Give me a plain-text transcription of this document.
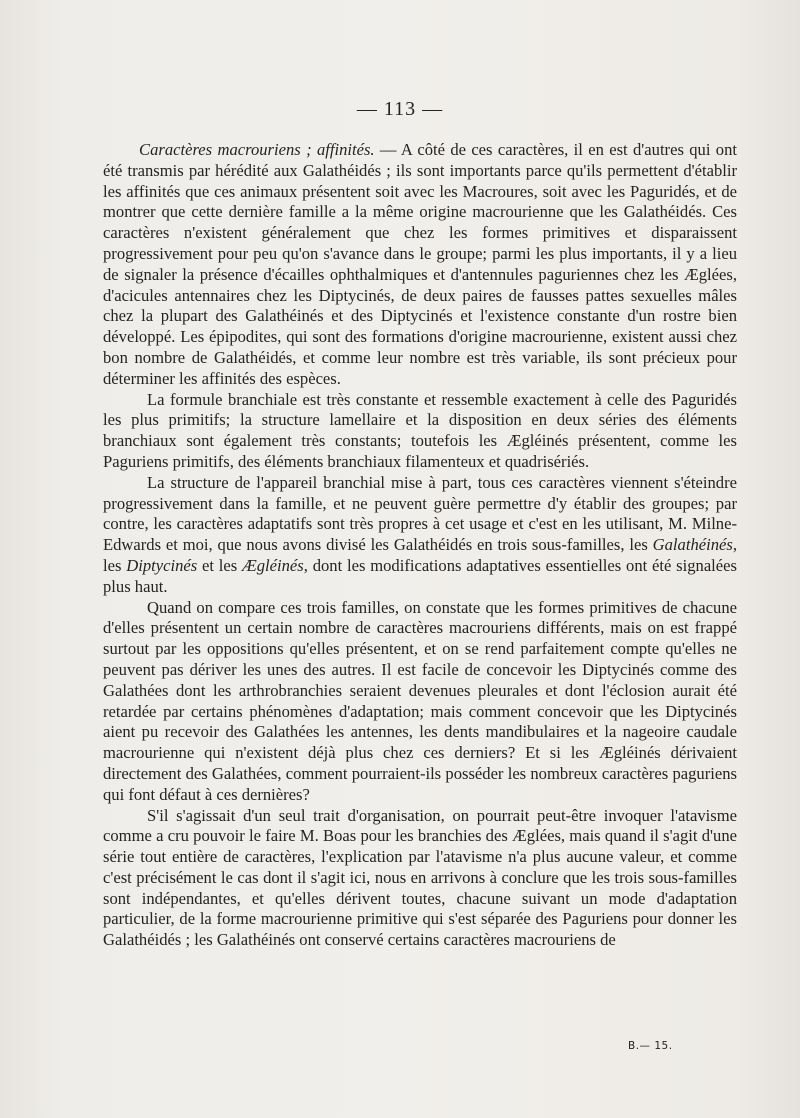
— 113 —

Caractères macrouriens ; affinités. — A côté de ces caractères, il en est d'autres qui ont été transmis par hérédité aux Galathéidés ; ils sont importants parce qu'ils permettent d'établir les affinités que ces animaux présentent soit avec les Macroures, soit avec les Paguridés, et de montrer que cette dernière famille a la même origine macrourienne que les Galathéidés. Ces caractères n'existent généralement que chez les formes primitives et disparaissent progressivement pour peu qu'on s'avance dans le groupe; parmi les plus importants, il y a lieu de signaler la présence d'écailles ophthalmiques et d'antennules paguriennes chez les Æglées, d'acicules antennaires chez les Diptycinés, de deux paires de fausses pattes sexuelles mâles chez la plupart des Galathéinés et des Diptycinés et l'existence constante d'un rostre bien développé. Les épipodites, qui sont des formations d'origine macrourienne, existent aussi chez bon nombre de Galathéidés, et comme leur nombre est très variable, ils sont précieux pour déterminer les affinités des espèces.

La formule branchiale est très constante et ressemble exactement à celle des Paguridés les plus primitifs; la structure lamellaire et la disposition en deux séries des éléments branchiaux sont également très constants; toutefois les Ægléinés présentent, comme les Paguriens primitifs, des éléments branchiaux filamenteux et quadrisériés.

La structure de l'appareil branchial mise à part, tous ces caractères viennent s'éteindre progressivement dans la famille, et ne peuvent guère permettre d'y établir des groupes; par contre, les caractères adaptatifs sont très propres à cet usage et c'est en les utilisant, M. Milne-Edwards et moi, que nous avons divisé les Galathéidés en trois sous-familles, les Galathéinés, les Diptycinés et les Ægléinés, dont les modifications adaptatives essentielles ont été signalées plus haut.

Quand on compare ces trois familles, on constate que les formes primitives de chacune d'elles présentent un certain nombre de caractères macrouriens différents, mais on est frappé surtout par les oppositions qu'elles présentent, et on se rend parfaitement compte qu'elles ne peuvent pas dériver les unes des autres. Il est facile de concevoir les Diptycinés comme des Galathées dont les arthrobranchies seraient devenues pleurales et dont l'éclosion aurait été retardée par certains phénomènes d'adaptation; mais comment concevoir que les Diptycinés aient pu recevoir des Galathées les antennes, les dents mandibulaires et la nageoire caudale macrourienne qui n'existent déjà plus chez ces derniers? Et si les Ægléinés dérivaient directement des Galathées, comment pourraient-ils posséder les nombreux caractères paguriens qui font défaut à ces dernières?

S'il s'agissait d'un seul trait d'organisation, on pourrait peut-être invoquer l'atavisme comme a cru pouvoir le faire M. Boas pour les branchies des Æglées, mais quand il s'agit d'une série tout entière de caractères, l'explication par l'atavisme n'a plus aucune valeur, et comme c'est précisément le cas dont il s'agit ici, nous en arrivons à conclure que les trois sous-familles sont indépendantes, et qu'elles dérivent toutes, chacune suivant un mode d'adaptation particulier, de la forme macrourienne primitive qui s'est séparée des Paguriens pour donner les Galathéidés ; les Galathéinés ont conservé certains caractères macrouriens de

B.— 15.
